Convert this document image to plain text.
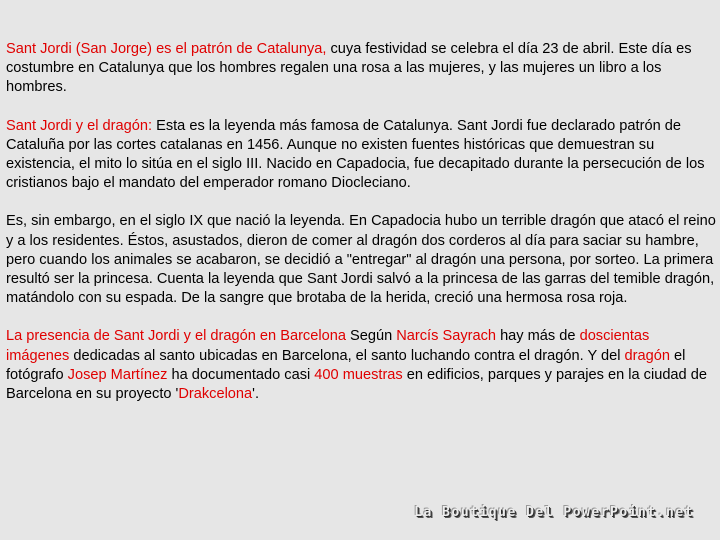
Sant Jordi (San Jorge) es el patrón de Catalunya, cuya festividad se celebra el día 23 de abril. Este día es costumbre en Catalunya que los hombres regalen una rosa a las mujeres, y las mujeres un libro a los hombres.

Sant Jordi y el dragón: Esta es la leyenda más famosa de Catalunya. Sant Jordi fue declarado patrón de Cataluña por las cortes catalanas en 1456. Aunque no existen fuentes históricas que demuestran su existencia, el mito lo sitúa en el siglo III. Nacido en Capadocia, fue decapitado durante la persecución de los cristianos bajo el mandato del emperador romano Diocleciano.

Es, sin embargo, en el siglo IX que nació la leyenda. En Capadocia hubo un terrible dragón que atacó el reino y a los residentes. Éstos, asustados, dieron de comer al dragón dos corderos al día para saciar su hambre, pero cuando los animales se acabaron, se decidió a "entregar" al dragón una persona, por sorteo. La primera resultó ser la princesa. Cuenta la leyenda que Sant Jordi salvó a la princesa de las garras del temible dragón, matándolo con su espada. De la sangre que brotaba de la herida, creció una hermosa rosa roja.

La presencia de Sant Jordi y el dragón en Barcelona Según Narcís Sayrach hay más de doscientas imágenes dedicadas al santo ubicadas en Barcelona, el santo luchando contra el dragón. Y del dragón el fotógrafo Josep Martínez ha documentado casi 400 muestras en edificios, parques y parajes en la ciudad de Barcelona en su proyecto 'Drakcelona'.

La Boutique Del PowerPoint.net
